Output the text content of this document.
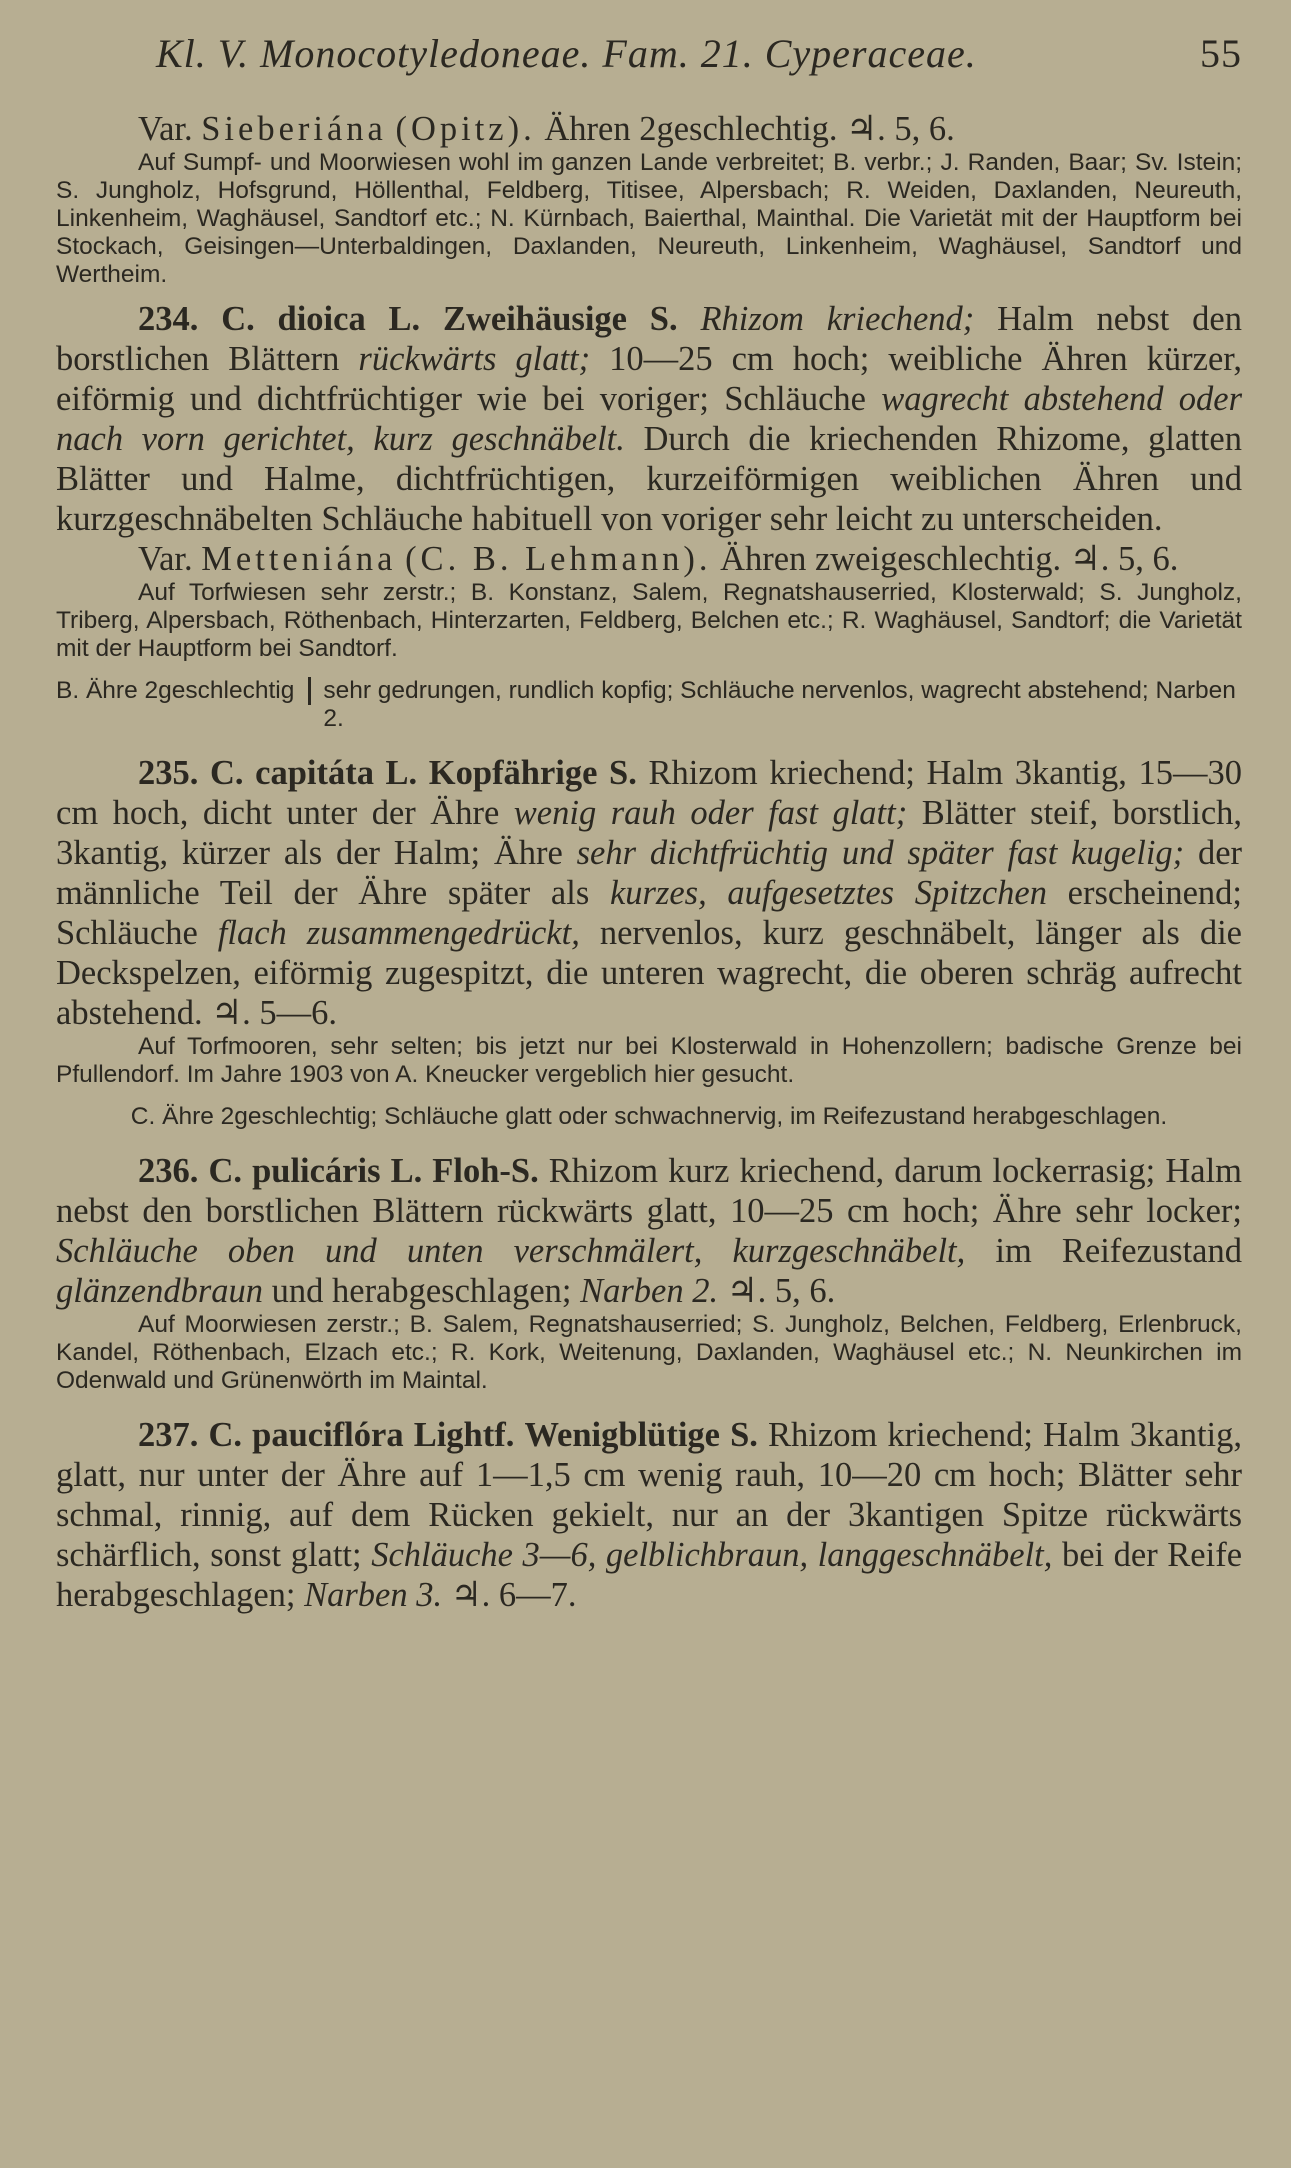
Kl. V. Monocotyledoneae. Fam. 21. Cyperaceae.	55

Var. Sieberiána (Opitz). Ähren 2geschlechtig. ♃. 5, 6.

Auf Sumpf- und Moorwiesen wohl im ganzen Lande verbreitet; B. verbr.; J. Randen, Baar; Sv. Istein; S. Jungholz, Hofsgrund, Höllenthal, Feldberg, Titisee, Alpersbach; R. Weiden, Daxlanden, Neureuth, Linkenheim, Waghäusel, Sandtorf etc.; N. Kürnbach, Baierthal, Mainthal. Die Varietät mit der Hauptform bei Stockach, Geisingen—Unterbaldingen, Daxlanden, Neureuth, Linkenheim, Waghäusel, Sandtorf und Wertheim.

234. C. dioica L. Zweihäusige S. Rhizom kriechend; Halm nebst den borstlichen Blättern rückwärts glatt; 10—25 cm hoch; weibliche Ähren kürzer, eiförmig und dichtfrüchtiger wie bei voriger; Schläuche wagrecht abstehend oder nach vorn gerichtet, kurz geschnäbelt. Durch die kriechenden Rhizome, glatten Blätter und Halme, dichtfrüchtigen, kurzeiförmigen weiblichen Ähren und kurzgeschnäbelten Schläuche habituell von voriger sehr leicht zu unterscheiden.

Var. Metteniána (C. B. Lehmann). Ähren zweigeschlechtig. ♃. 5, 6.

Auf Torfwiesen sehr zerstr.; B. Konstanz, Salem, Regnatshauserried, Klosterwald; S. Jungholz, Triberg, Alpersbach, Röthenbach, Hinterzarten, Feldberg, Belchen etc.; R. Waghäusel, Sandtorf; die Varietät mit der Hauptform bei Sandtorf.

B. Ähre 2geschlechtig	sehr gedrungen, rundlich kopfig; Schläuche nervenlos, wagrecht abstehend; Narben 2.

235. C. capitáta L. Kopfährige S. Rhizom kriechend; Halm 3kantig, 15—30 cm hoch, dicht unter der Ähre wenig rauh oder fast glatt; Blätter steif, borstlich, 3kantig, kürzer als der Halm; Ähre sehr dichtfrüchtig und später fast kugelig; der männliche Teil der Ähre später als kurzes, aufgesetztes Spitzchen erscheinend; Schläuche flach zusammengedrückt, nervenlos, kurz geschnäbelt, länger als die Deckspelzen, eiförmig zugespitzt, die unteren wagrecht, die oberen schräg aufrecht abstehend. ♃. 5—6.

Auf Torfmooren, sehr selten; bis jetzt nur bei Klosterwald in Hohenzollern; badische Grenze bei Pfullendorf. Im Jahre 1903 von A. Kneucker vergeblich hier gesucht.

C. Ähre 2geschlechtig; Schläuche glatt oder schwachnervig, im Reifezustand herabgeschlagen.

236. C. pulicáris L. Floh-S. Rhizom kurz kriechend, darum lockerrasig; Halm nebst den borstlichen Blättern rückwärts glatt, 10—25 cm hoch; Ähre sehr locker; Schläuche oben und unten verschmälert, kurzgeschnäbelt, im Reifezustand glänzendbraun und herabgeschlagen; Narben 2. ♃. 5, 6.

Auf Moorwiesen zerstr.; B. Salem, Regnatshauserried; S. Jungholz, Belchen, Feldberg, Erlenbruck, Kandel, Röthenbach, Elzach etc.; R. Kork, Weitenung, Daxlanden, Waghäusel etc.; N. Neunkirchen im Odenwald und Grünenwörth im Maintal.

237. C. pauciflóra Lightf. Wenigblütige S. Rhizom kriechend; Halm 3kantig, glatt, nur unter der Ähre auf 1—1,5 cm wenig rauh, 10—20 cm hoch; Blätter sehr schmal, rinnig, auf dem Rücken gekielt, nur an der 3kantigen Spitze rückwärts schärflich, sonst glatt; Schläuche 3—6, gelblichbraun, langgeschnäbelt, bei der Reife herabgeschlagen; Narben 3. ♃. 6—7.
